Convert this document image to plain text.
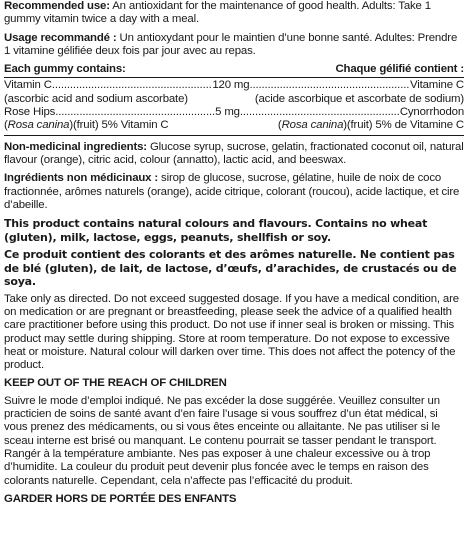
Recommended use: An antioxidant for the maintenance of good health. Adults: Take 1 gummy vitamin twice a day with a meal.

Usage recommandé : Un antioxydant pour le maintien d’une bonne santé. Adultes: Prendre 1 vitamine gélifiée deux fois par jour avec au repas.

Each gummy contains:	Chaque gélifié contient :
Vitamin C .....	120 mg .....	Vitamine C
(ascorbic acid and sodium ascorbate)	(acide ascorbique et ascorbate de sodium)
Rose Hips .....	5 mg .....	Cynorrhodon
(Rosa canina)(fruit) 5% Vitamin C	(Rosa canina)(fruit) 5% de Vitamine C

Non-medicinal ingredients: Glucose syrup, sucrose, gelatin, fractionated coconut oil, natural flavour (orange), citric acid, colour (annatto), lactic acid, and beeswax.

Ingrédients non médicinaux : sirop de glucose, sucrose, gélatine, huile de noix de coco fractionnée, arômes naturels (orange), acide citrique, colorant (roucou), acide lactique, et cire d’abeille.

This product contains natural colours and flavours. Contains no wheat (gluten), milk, lactose, eggs, peanuts, shellfish or soy.

Ce produit contient des colorants et des arômes naturelle. Ne contient pas de blé (gluten), de lait, de lactose, d’œufs, d’arachides, de crustacés ou de soya.

Take only as directed. Do not exceed suggested dosage. If you have a medical condition, are on medication or are pregnant or breastfeeding, please seek the advice of a qualified health care practitioner before using this product. Do not use if inner seal is broken or missing. This product may settle during shipping. Store at room temperature. Do not expose to excessive heat or moisture. Natural colour will darken over time. This does not affect the potency of the product.

KEEP OUT OF THE REACH OF CHILDREN

Suivre le mode d’emploi indiqué. Ne pas excéder la dose suggérée. Veuillez consulter un practicien de soins de santé avant d’en faire l’usage si vous souffrez d’un état médical, si vous prenez des médicaments, ou si vous êtes enceinte ou allaitante. Ne pas utiliser si le sceau interne est brisé ou manquant. Le contenu pourrait se tasser pendant le transport. Rangér à la température ambiante. Nes pas exposer à une chaleur excessive ou à trop d’humidite. La couleur du produit peut devenir plus foncée avec le temps en raison des colorants naturelle. Cependant, cela n’affecte pas l’efficacité du produit.

GARDER HORS DE PORTÉE DES ENFANTS
